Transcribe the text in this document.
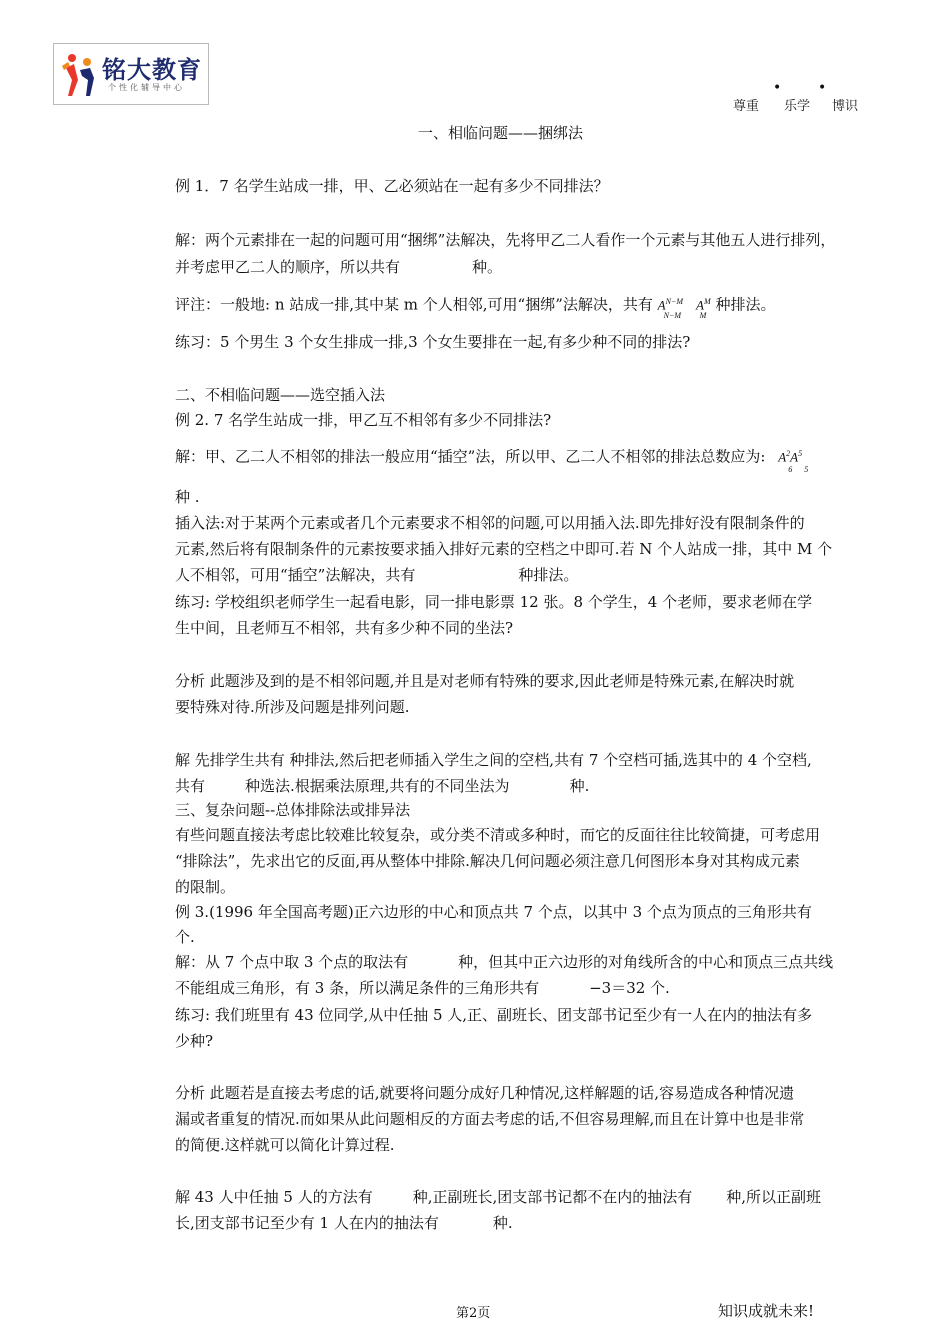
铭大教育
个性化辅导中心
尊重
•
乐学
•
博识
一、相临问题——捆绑法
例 1．7 名学生站成一排，甲、乙必须站在一起有多少不同排法？
解：两个元素排在一起的问题可用“捆绑”法解决，先将甲乙二人看作一个元素与其他五人进行排列，
并考虑甲乙二人的顺序，所以共有	种。
评注：一般地: n 站成一排,其中某 m 个人相邻,可用“捆绑”法解决，共有 $A^{N-M}$
N−M
$A^M$
M
种排法。
练习：5 个男生 3 个女生排成一排,3 个女生要排在一起,有多少种不同的排法?
二、不相临问题——选空插入法
例 2. 7 名学生站成一排，甲乙互不相邻有多少不同排法?
解：甲、乙二人不相邻的排法一般应用“插空”法，所以甲、乙二人不相邻的排法总数应为: $A^2A^5$
6 5
种 .
插入法:对于某两个元素或者几个元素要求不相邻的问题,可以用插入法.即先排好没有限制条件的
元素,然后将有限制条件的元素按要求插入排好元素的空档之中即可.若 N 个人站成一排，其中 M 个
人不相邻，可用“插空”法解决，共有	种排法。
练习: 学校组织老师学生一起看电影，同一排电影票 12 张。8 个学生，4 个老师，要求老师在学
生中间，且老师互不相邻，共有多少种不同的坐法?
分析 此题涉及到的是不相邻问题,并且是对老师有特殊的要求,因此老师是特殊元素,在解决时就
要特殊对待.所涉及问题是排列问题.
解 先排学生共有 种排法,然后把老师插入学生之间的空档,共有 7 个空档可插,选其中的 4 个空档,
共有	种选法.根据乘法原理,共有的不同坐法为	种.
三、复杂问题--总体排除法或排异法
有些问题直接法考虑比较难比较复杂，或分类不清或多种时，而它的反面往往比较简捷，可考虑用
“排除法”，先求出它的反面,再从整体中排除.解决几何问题必须注意几何图形本身对其构成元素
的限制。
例 3.(1996 年全国高考题)正六边形的中心和顶点共 7 个点，以其中 3 个点为顶点的三角形共有
个.
解：从 7 个点中取 3 个点的取法有	种，但其中正六边形的对角线所含的中心和顶点三点共线
不能组成三角形，有 3 条，所以满足条件的三角形共有	−3＝32 个.
练习: 我们班里有 43 位同学,从中任抽 5 人,正、副班长、团支部书记至少有一人在内的抽法有多
少种?
分析 此题若是直接去考虑的话,就要将问题分成好几种情况,这样解题的话,容易造成各种情况遗
漏或者重复的情况.而如果从此问题相反的方面去考虑的话,不但容易理解,而且在计算中也是非常
的简便.这样就可以简化计算过程.
解 43 人中任抽 5 人的方法有	种,正副班长,团支部书记都不在内的抽法有 种,所以正副班
长,团支部书记至少有 1 人在内的抽法有	种.
第2页	知识成就未来!
